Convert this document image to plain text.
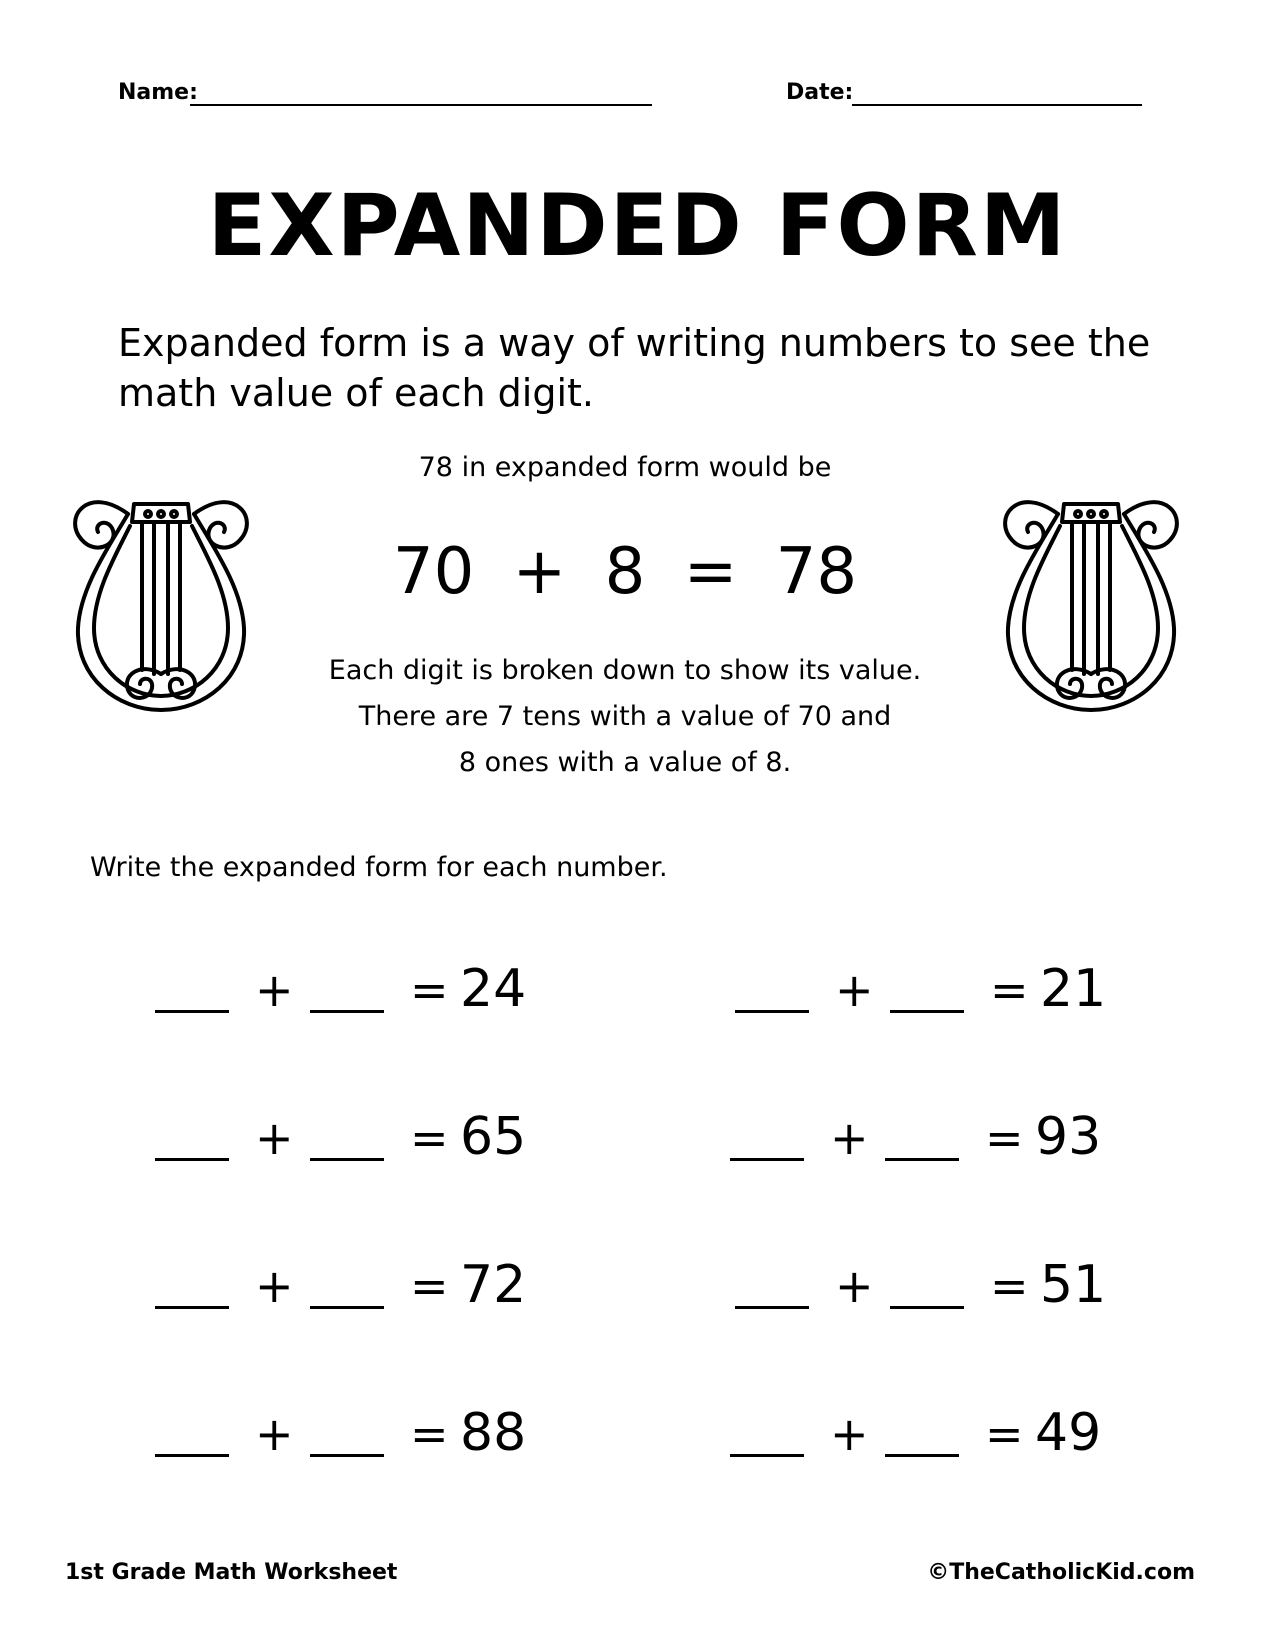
Name:	Date:
EXPANDED FORM
Expanded form is a way of writing numbers to see the math value of each digit.
78 in expanded form would be
70 + 8 = 78
Each digit is broken down to show its value.
There are 7 tens with a value of 70 and
8 ones with a value of 8.
Write the expanded form for each number.
+	= 24
+	= 65
+	= 72
+	= 88
+	= 21
+	= 93
+	= 51
+	= 49
1st Grade Math Worksheet	©TheCatholicKid.com
